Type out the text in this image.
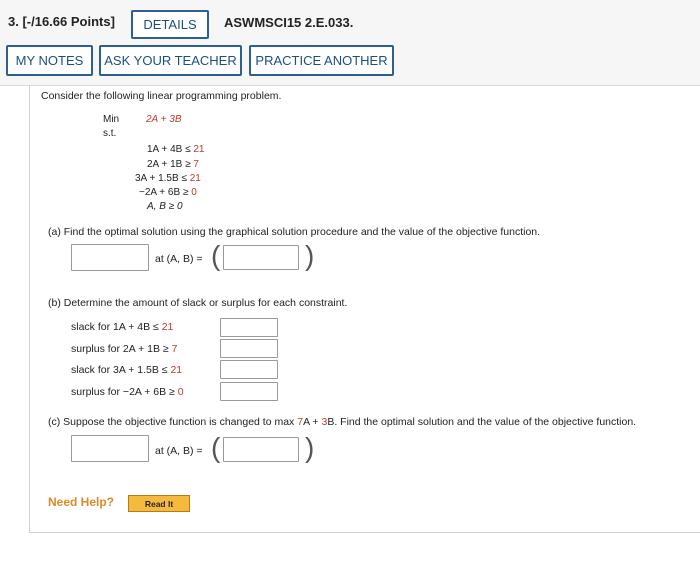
3. [-/16.66 Points]	DETAILS	ASWMSCI15 2.E.033.
MY NOTES	ASK YOUR TEACHER	PRACTICE ANOTHER
Consider the following linear programming problem.
Min	2A + 3B
s.t.
1A + 4B ≤ 21
2A + 1B ≥ 7
3A + 1.5B ≤ 21
−2A + 6B ≥ 0
A, B ≥ 0
(a) Find the optimal solution using the graphical solution procedure and the value of the objective function.
at (A, B) = (	)
(b) Determine the amount of slack or surplus for each constraint.
slack for 1A + 4B ≤ 21
surplus for 2A + 1B ≥ 7
slack for 3A + 1.5B ≤ 21
surplus for −2A + 6B ≥ 0
(c) Suppose the objective function is changed to max 7A + 3B. Find the optimal solution and the value of the objective function.
at (A, B) = (	)
Need Help?	Read It
